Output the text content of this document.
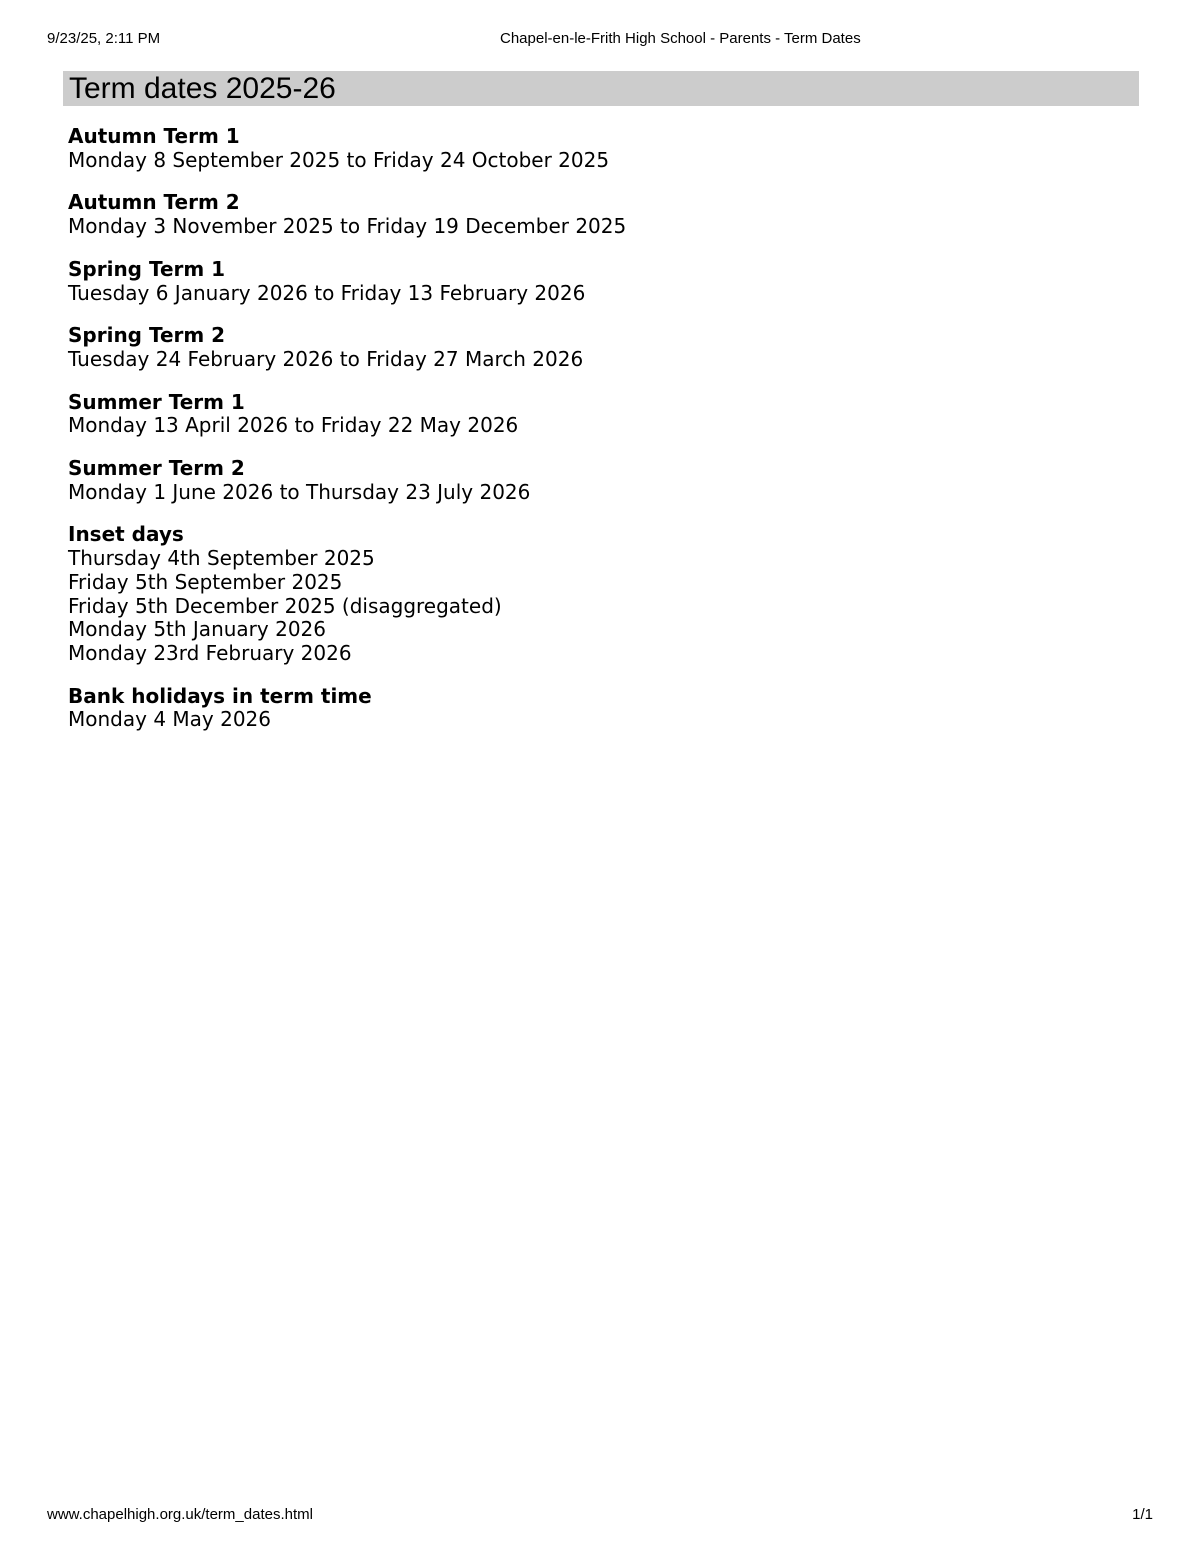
9/23/25, 2:11 PM	Chapel-en-le-Frith High School - Parents - Term Dates
Term dates 2025-26
Autumn Term 1
Monday 8 September 2025 to Friday 24 October 2025
Autumn Term 2
Monday 3 November 2025 to Friday 19 December 2025
Spring Term 1
Tuesday 6 January 2026 to Friday 13 February 2026
Spring Term 2
Tuesday 24 February 2026 to Friday 27 March 2026
Summer Term 1
Monday 13 April 2026 to Friday 22 May 2026
Summer Term 2
Monday 1 June 2026 to Thursday 23 July 2026
Inset days
Thursday 4th September 2025
Friday 5th September 2025
Friday 5th December 2025 (disaggregated)
Monday 5th January 2026
Monday 23rd February 2026
Bank holidays in term time
Monday 4 May 2026
www.chapelhigh.org.uk/term_dates.html	1/1
